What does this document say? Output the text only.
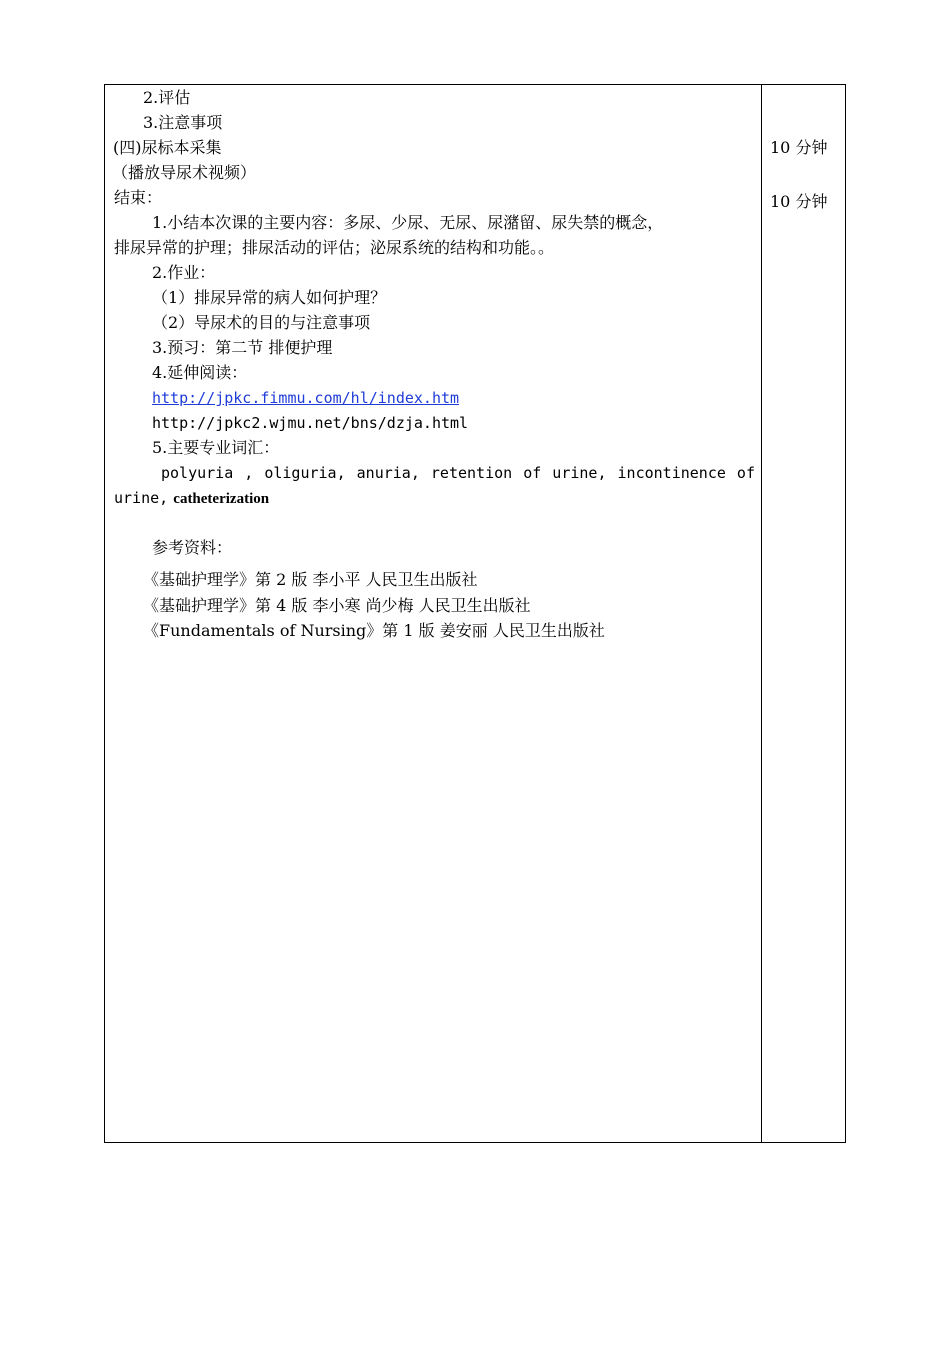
2.评估
3.注意事项
(四)尿标本采集
（播放导尿术视频）
结束：
1.小结本次课的主要内容：多尿、少尿、无尿、尿潴留、尿失禁的概念，
排尿异常的护理；排尿活动的评估；泌尿系统的结构和功能。。
2.作业：
（1）排尿异常的病人如何护理？
（2）导尿术的目的与注意事项
3.预习：第二节 排便护理
4.延伸阅读：
http://jpkc.fimmu.com/hl/index.htm
http://jpkc2.wjmu.net/bns/dzja.html
5.主要专业词汇：
polyuria , oliguria, anuria, retention of urine, incontinence of
urine, catheterization
参考资料：
《基础护理学》第 2 版 李小平 人民卫生出版社
《基础护理学》第 4 版 李小寒 尚少梅 人民卫生出版社
《Fundamentals of Nursing》第 1 版 姜安丽 人民卫生出版社
10 分钟
10 分钟
